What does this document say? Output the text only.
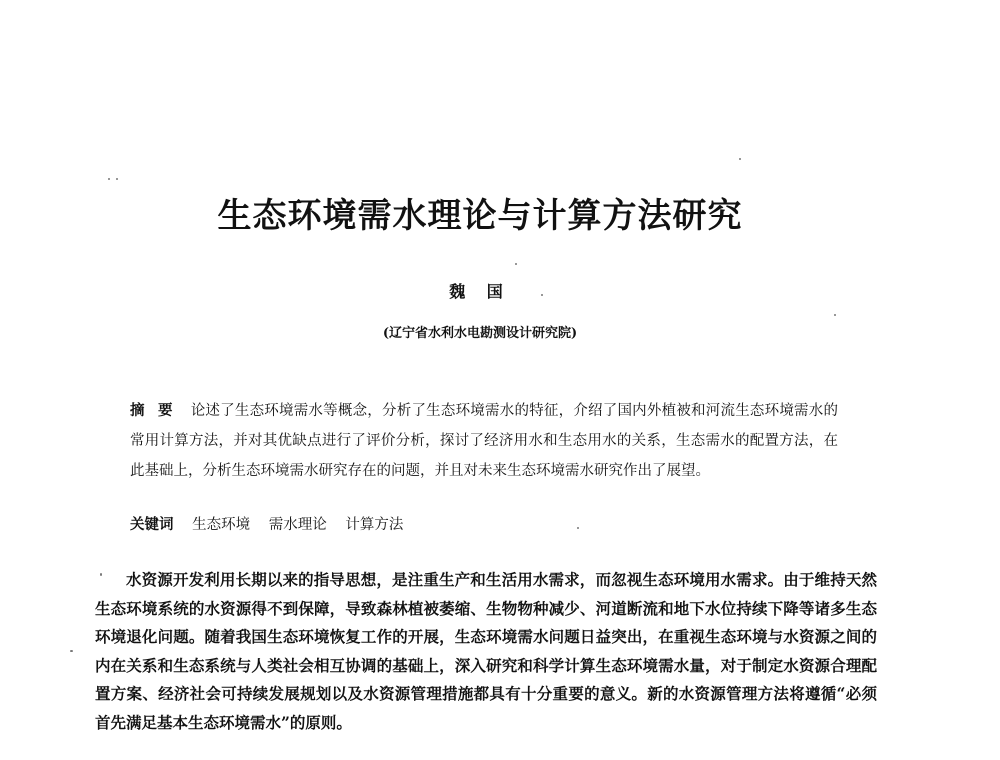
生态环境需水理论与计算方法研究
魏 国
(辽宁省水利水电勘测设计研究院)
摘 要 论述了生态环境需水等概念，分析了生态环境需水的特征，介绍了国内外植被和河流生态环境需水的常用计算方法，并对其优缺点进行了评价分析，探讨了经济用水和生态用水的关系，生态需水的配置方法，在此基础上，分析生态环境需水研究存在的问题，并且对未来生态环境需水研究作出了展望。
关键词 生态环境 需水理论 计算方法
水资源开发利用长期以来的指导思想，是注重生产和生活用水需求，而忽视生态环境用水需求。由于维持天然生态环境系统的水资源得不到保障，导致森林植被萎缩、生物物种减少、河道断流和地下水位持续下降等诸多生态环境退化问题。随着我国生态环境恢复工作的开展，生态环境需水问题日益突出，在重视生态环境与水资源之间的内在关系和生态系统与人类社会相互协调的基础上，深入研究和科学计算生态环境需水量，对于制定水资源合理配置方案、经济社会可持续发展规划以及水资源管理措施都具有十分重要的意义。新的水资源管理方法将遵循“必须首先满足基本生态环境需水”的原则。
